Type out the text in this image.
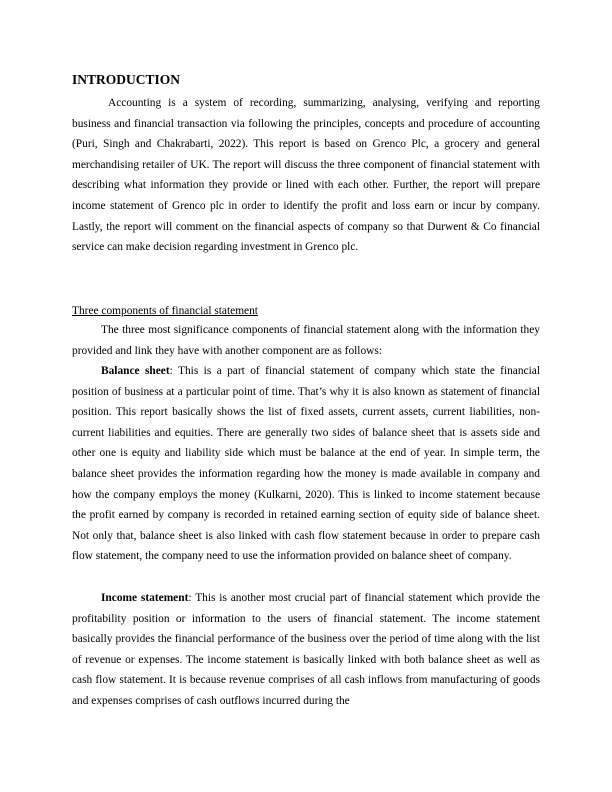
INTRODUCTION

Accounting is a system of recording, summarizing, analysing, verifying and reporting business and financial transaction via following the principles, concepts and procedure of accounting (Puri, Singh and Chakrabarti, 2022). This report is based on Grenco Plc, a grocery and general merchandising retailer of UK. The report will discuss the three component of financial statement with describing what information they provide or lined with each other. Further, the report will prepare income statement of Grenco plc in order to identify the profit and loss earn or incur by company. Lastly, the report will comment on the financial aspects of company so that Durwent & Co financial service can make decision regarding investment in Grenco plc.

Three components of financial statement

The three most significance components of financial statement along with the information they provided and link they have with another component are as follows:

Balance sheet: This is a part of financial statement of company which state the financial position of business at a particular point of time. That’s why it is also known as statement of financial position. This report basically shows the list of fixed assets, current assets, current liabilities, non-current liabilities and equities. There are generally two sides of balance sheet that is assets side and other one is equity and liability side which must be balance at the end of year. In simple term, the balance sheet provides the information regarding how the money is made available in company and how the company employs the money (Kulkarni, 2020). This is linked to income statement because the profit earned by company is recorded in retained earning section of equity side of balance sheet. Not only that, balance sheet is also linked with cash flow statement because in order to prepare cash flow statement, the company need to use the information provided on balance sheet of company.

Income statement: This is another most crucial part of financial statement which provide the profitability position or information to the users of financial statement. The income statement basically provides the financial performance of the business over the period of time along with the list of revenue or expenses. The income statement is basically linked with both balance sheet as well as cash flow statement. It is because revenue comprises of all cash inflows from manufacturing of goods and expenses comprises of cash outflows incurred during the
